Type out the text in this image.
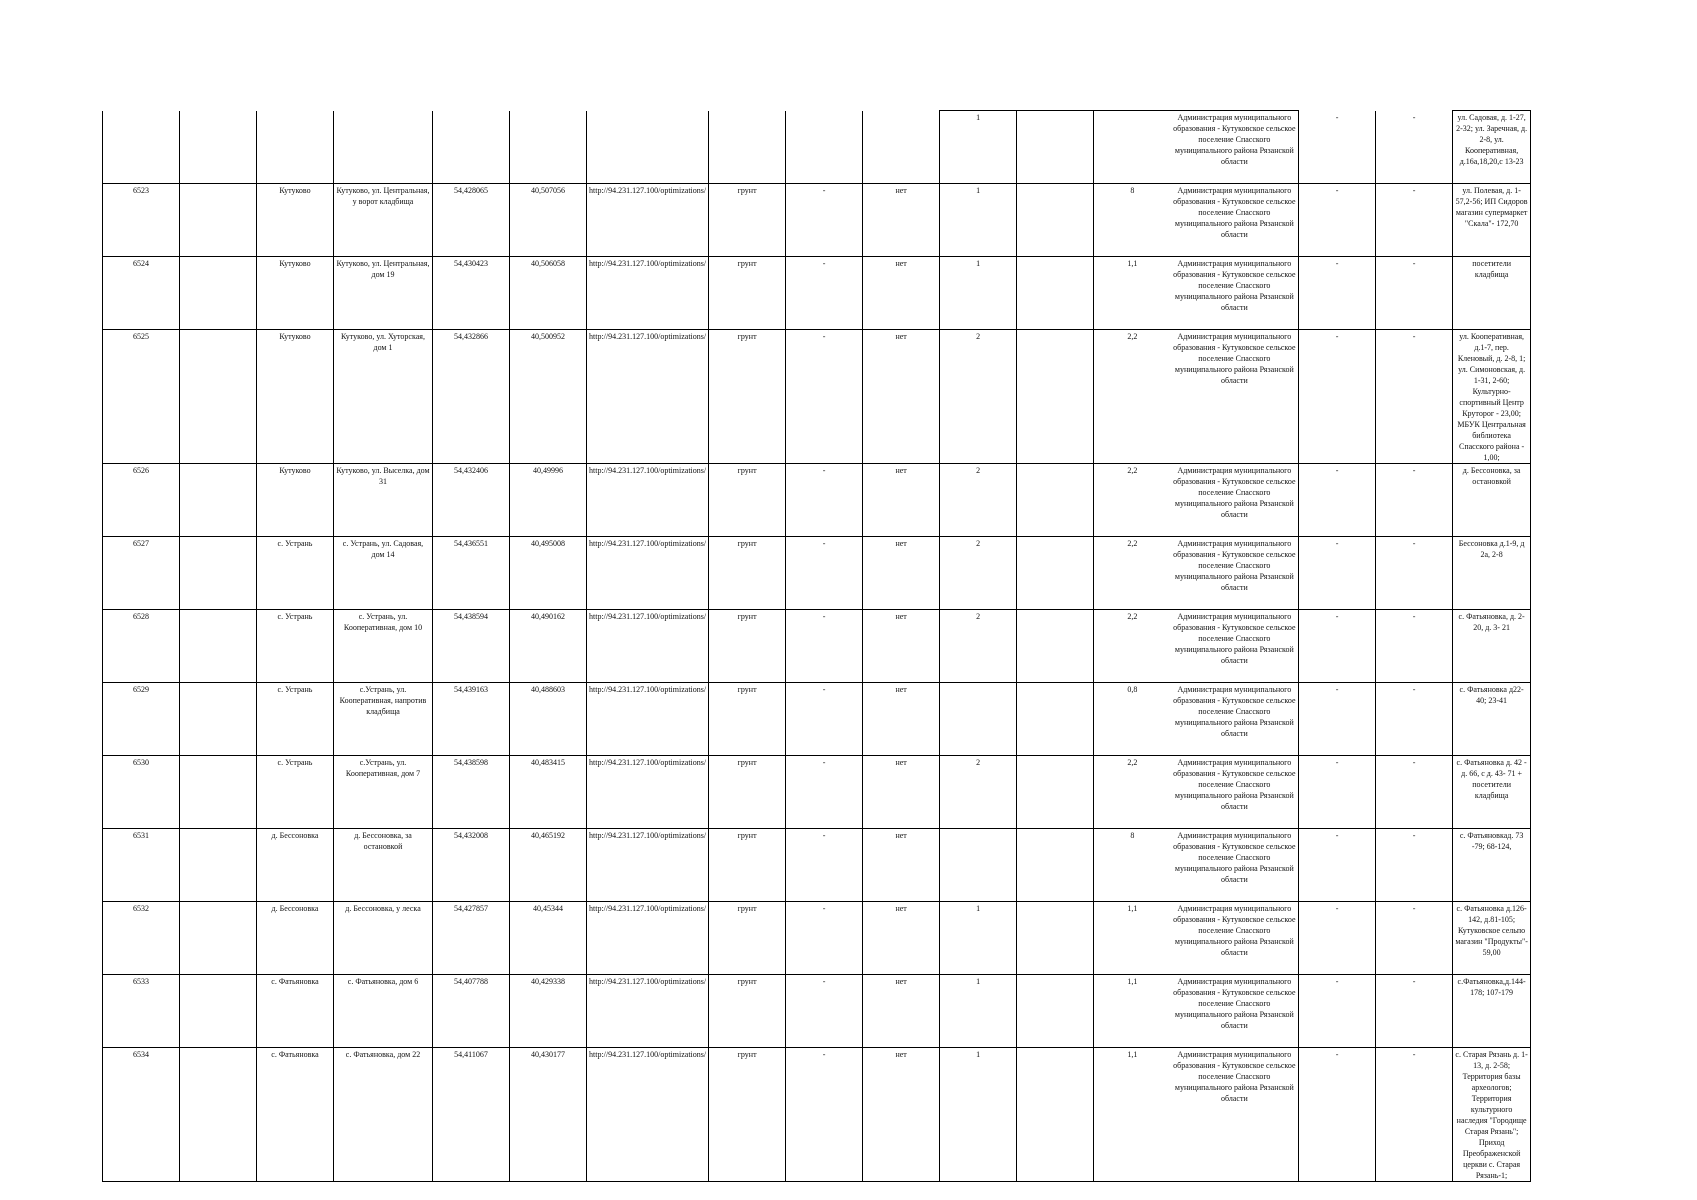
										1			Администрация муниципального образования - Кутуковское сельское поселение Спасского муниципального района Рязанской области	-	-	ул. Садовая, д. 1-27, 2-32; ул. Заречная, д. 2-8, ул. Кооперативная, д.16а,18,20,с 13-23	
6523		Кутуково	Кутуково, ул. Центральная, у ворот кладбища	54,428065	40,507056	http://94.231.127.100/optimizations/	грунт	-	нет	1		8	Администрация муниципального образования - Кутуковское сельское поселение Спасского муниципального района Рязанской области	-	-	ул. Полевая, д. 1-57,2-56; ИП Сидоров магазин супермаркет "Скала"- 172,70	
6524		Кутуково	Кутуково, ул. Центральная, дом 19	54,430423	40,506058	http://94.231.127.100/optimizations/	грунт	-	нет	1		1,1	Администрация муниципального образования - Кутуковское сельское поселение Спасского муниципального района Рязанской области	-	-	посетители кладбища	
6525		Кутуково	Кутуково, ул. Хуторская, дом 1	54,432866	40,500952	http://94.231.127.100/optimizations/	грунт	-	нет	2		2,2	Администрация муниципального образования - Кутуковское сельское поселение Спасского муниципального района Рязанской области	-	-	ул. Кооперативная, д.1-7, пер. Кленовый, д. 2-8, 1; ул. Симоновская, д. 1-31, 2-60; Культурно-спортивный Центр Круторог - 23,00; МБУК Центральная библиотека Спасского района - 1,00;	
6526		Кутуково	Кутуково, ул. Выселка, дом 31	54,432406	40,49996	http://94.231.127.100/optimizations/	грунт	-	нет	2		2,2	Администрация муниципального образования - Кутуковское сельское поселение Спасского муниципального района Рязанской области	-	-	д. Бессоновка, за остановкой	
6527		с. Устрань	с. Устрань, ул. Садовая, дом 14	54,436551	40,495008	http://94.231.127.100/optimizations/	грунт	-	нет	2		2,2	Администрация муниципального образования - Кутуковское сельское поселение Спасского муниципального района Рязанской области	-	-	Бессоновка д.1-9, д 2а, 2-8	
6528		с. Устрань	с. Устрань, ул. Кооперативная, дом 10	54,438594	40,490162	http://94.231.127.100/optimizations/	грунт	-	нет	2		2,2	Администрация муниципального образования - Кутуковское сельское поселение Спасского муниципального района Рязанской области	-	-	с. Фатьяновка, д. 2-20, д. 3- 21	
6529		с. Устрань	с.Устрань, ул. Кооперативная, напротив кладбища	54,439163	40,488603	http://94.231.127.100/optimizations/	грунт	-	нет			0,8	Администрация муниципального образования - Кутуковское сельское поселение Спасского муниципального района Рязанской области	-	-	с. Фатьяновка д22-40; 23-41	
6530		с. Устрань	с.Устрань, ул. Кооперативная, дом 7	54,438598	40,483415	http://94.231.127.100/optimizations/	грунт	-	нет	2		2,2	Администрация муниципального образования - Кутуковское сельское поселение Спасского муниципального района Рязанской области	-	-	с. Фатьяновка д. 42 - д. 66, с д. 43- 71 + посетители кладбища	
6531		д. Бессоновка	д. Бессоновка, за остановкой	54,432008	40,465192	http://94.231.127.100/optimizations/	грунт	-	нет			8	Администрация муниципального образования - Кутуковское сельское поселение Спасского муниципального района Рязанской области	-	-	с. Фатьяновкад. 73 -79; 68-124,	
6532		д. Бессоновка	д. Бессоновка, у леска	54,427857	40,45344	http://94.231.127.100/optimizations/	грунт	-	нет	1		1,1	Администрация муниципального образования - Кутуковское сельское поселение Спасского муниципального района Рязанской области	-	-	с. Фатьяновка д.126-142, д.81-105; Кутуковское сельпо магазин "Продукты"- 59,00	
6533		с. Фатьяновка	с. Фатьяновка, дом 6	54,407788	40,429338	http://94.231.127.100/optimizations/	грунт	-	нет	1		1,1	Администрация муниципального образования - Кутуковское сельское поселение Спасского муниципального района Рязанской области	-	-	с.Фатьяновка,д.144-178; 107-179	
6534		с. Фатьяновка	с. Фатьяновка, дом 22	54,411067	40,430177	http://94.231.127.100/optimizations/	грунт	-	нет	1		1,1	Администрация муниципального образования - Кутуковское сельское поселение Спасского муниципального района Рязанской области	-	-	с. Старая Рязань д. 1-13, д. 2-58; Территория базы археологов; Территория культурного наследия "Городище Старая Рязань"; Приход Преображенской церкви с. Старая Рязань-1;	
